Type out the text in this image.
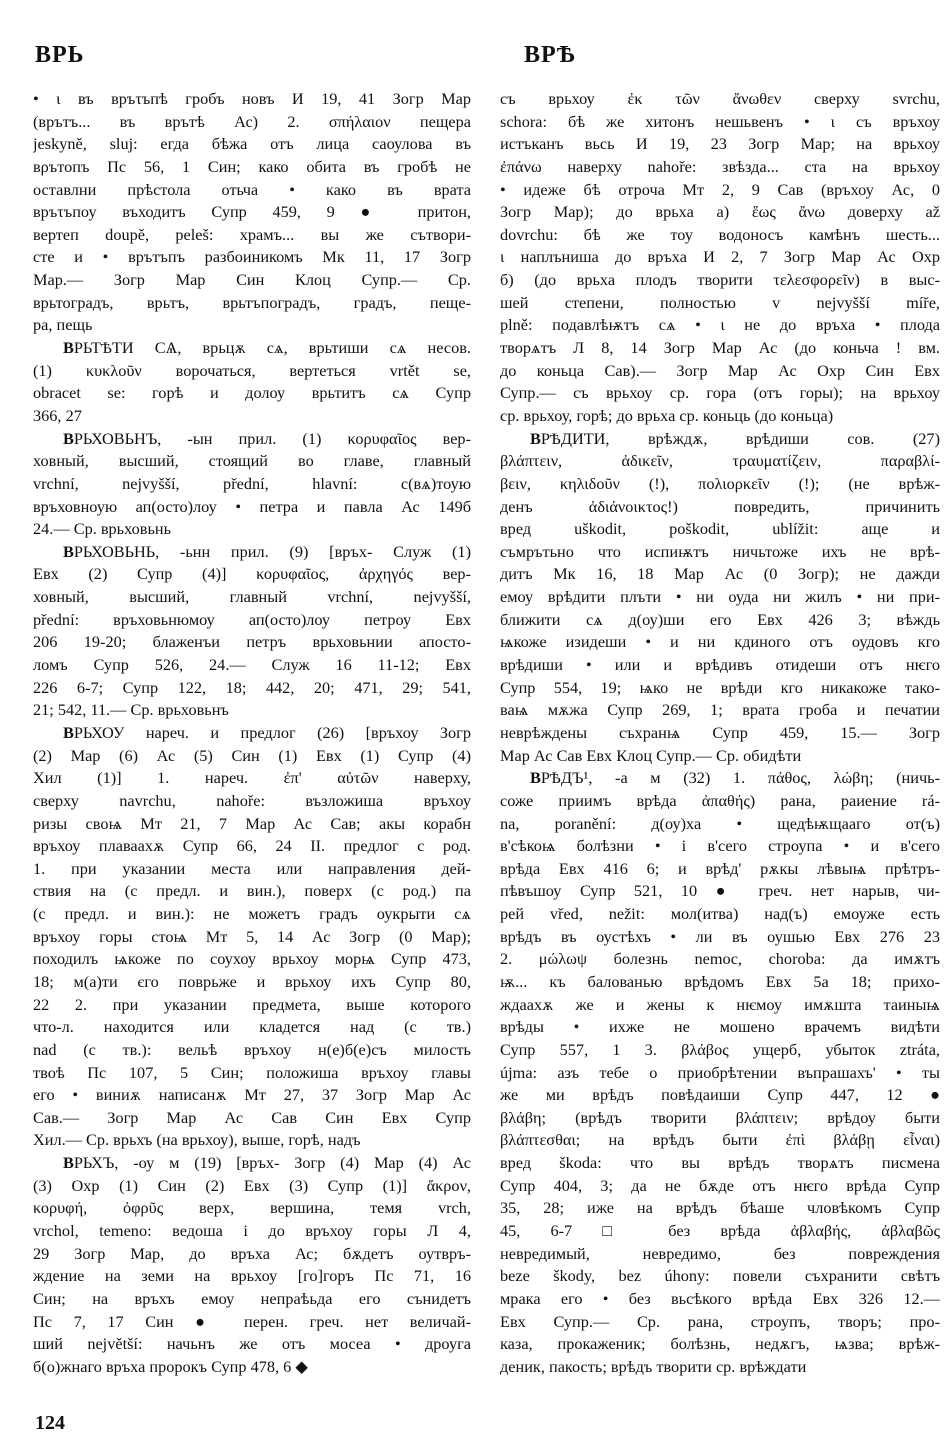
ВРЬ	ВРѢ
• ι въ връτъпѣ гробъ новъ И 19, 41 Зогр Мар
(врътъ... въ врътѣ Ас) 2. σπήλαιον пещера
jeskyně, sluj: егда бѣжа отъ лица саоулова въ
вρътопъ Пс 56, 1 Син; како обита въ гробѣ не
оставлни прѣстола отьча • како въ врата
връτъпоу въходитъ Супр 459, 9 ● притон,
вертеп doupě, peleš: храмъ... вы же сътвори-
сте и • врътъпъ разбоиникомъ Мк 11, 17 Зогр
Мар.— Зогр Мар Син Клоц Супр.— Ср.
врьтоградъ, врьтъ, врьтъпоградъ, градъ, пеще-
ра, пещь
ВРЬТѢТИ СѦ, врьцѫ сѧ, врьтиши сѧ несов.
(1) κυκλοῦν ворочаться, вертеться vrtět se,
obracet se: горѣ и долоу врьтитъ сѧ Супр
366, 27
ВРЬХОВЬНЪ, -ын прил. (1) κορυφαῖος вер-
ховный, высший, стоящий во главе, главный
vrchní, nejvyšší, přední, hlavní: с(вѧ)тоую
връховноую ап(осто)лоу • петра и павла Ас 149б
24.— Ср. врьховьнь
ВРЬХОВЬНЬ, -ьнн прил. (9) [връх- Служ (1)
Евх (2) Супр (4)] κορυφαῖος, ἀρχηγός вер-
ховный, высший, главный vrchní, nejvyšší,
přední: връховьнюмоу ап(осто)лоу петроу Евх
206 19-20; блаженъи петръ врьховьнии апосто-
ломъ Супр 526, 24.— Служ 16 11-12; Евх
226 6-7; Супр 122, 18; 442, 20; 471, 29; 541,
21; 542, 11.— Ср. врьховьнъ
ВРЬХОУ нареч. и предлог (26) [връхоу Зогр
(2) Мар (6) Ас (5) Син (1) Евх (1) Супр (4)
Хил (1)] 1. нареч. ἐπ' αὐτῶν наверху,
сверху navrchu, nahoře: възложиша връхоу
ризы своѩ Мт 21, 7 Мар Ас Сав; акы корабн
връхоу плаваахѫ Супр 66, 24 II. предлог с род.
1. при указании места или направления дей-
ствия на (с предл. и вин.), поверх (с род.) па
(с предл. и вин.): не можетъ градъ оукрыти сѧ
връхоу горы стоѩ Мт 5, 14 Ас Зогр (0 Мар);
походилъ ѩкоже по соухоу врьхоу морѩ Супр 473,
18; м(а)ти єго поврьже и врьхоу ихъ Супр 80,
22 2. при указании предмета, выше которого
что-л. находится или кладется над (с тв.)
nad (с тв.): вельѣ връхоу н(е)б(е)съ милость
твоѣ Пс 107, 5 Син; положиша връхоу главы
его • виниѫ написанѫ Мт 27, 37 Зогр Мар Ас
Сав.— Зогр Мар Ас Сав Син Евх Супр
Хил.— Ср. врьхъ (на врьхоу), выше, горѣ, надъ
ВРЬХЪ, -оу м (19) [връх- Зогр (4) Мар (4) Ас
(3) Охр (1) Син (2) Евх (3) Супр (1)] ἄκρον,
κορυφή, ὀφρῦς верх, вершина, темя vrch,
vrchol, temeno: ведоша і до връхоу горы Л 4,
29 Зогр Мар, до връха Ас; бѫдетъ оутвръ-
ждение на земи на врьхоу [го]горъ Пс 71, 16
Син; на връхъ емоу непраѣьда его сънидетъ
Пс 7, 17 Син ● перен. греч. нет величай-
ший největší: начьнъ же отъ мосеа • дроуга
б(о)жнаго връха пророкъ Супр 478, 6 ◆
съ врьхоу ἐκ τῶν ἄνωθεν сверху svrchu,
schora: бѣ же хитонъ нешьвенъ • ι съ връхоу
истъканъ вьсь И 19, 23 Зогр Мар; на врьхоу
ἐπάνω наверху nahoře: звѣзда... ста на врьхоу
• идеже бѣ отроча Мт 2, 9 Сав (връхоу Ас, 0
Зогр Мар); до врьха а) ἕως ἄνω доверху až
dovrchu: бѣ же тоу водоносъ камѣнъ шесть...
ι наплъниша до връха И 2, 7 Зогр Мар Ас Охр
б) (до врьха плодъ творити τελεσφορεῖν) в выс-
шей степени, полностью v nejvyšší míře,
plně: подавлѣѭтъ сѧ • ι не до връха • плода
творѧтъ Л 8, 14 Зогр Мар Ас (до коньча ! вм.
до коньца Сав).— Зогр Мар Ас Охр Син Евх
Супр.— съ врьхоу ср. гора (отъ горы); на врьхоу
ср. врьхоу, горѣ; до врьха ср. коньць (до коньца)
ВРѢДИТИ, врѣждѫ, врѣдиши сов. (27)
βλάπτειν, ἀδικεῖν, τραυματίζειν, παραβλί-
βειν, κηλιδοῦν (!), πολιορκεῖν (!); (не врѣж-
денъ ἀδιάνοικτος!) повредить, причинить
вред uškodit, poškodit, ublížit: аще и
съмрътьно что испиѭтъ ничьтоже ихъ не врѣ-
дитъ Мк 16, 18 Мар Ас (0 Зогр); не дажди
емоу врѣдити плъти • ни оуда ни жилъ • ни при-
ближити сѧ д(оу)ши его Евх 426 3; вѣждь
ѩкоже изидеши • и ни кдиного отъ оудовъ кго
врѣдиши • или и врѣдивъ отидеши отъ нѥго
Супр 554, 19; ѩко не врѣди кго никакоже тако-
ваѩ мѫжа Супр 269, 1; врата гроба и печатии
неврѣждены съхранѩ Супр 459, 15.— Зогр
Мар Ас Сав Евх Клоц Супр.— Ср. обидѣти
ВРѢДЪ¹, -а м (32) 1. πάθος, λώβη; (ничь-
соже приимъ врѣда ἀπαθής) рана, раиение rá-
na, poranění: д(оу)ха • щедѣѭщааго от(ъ)
в'сѣкоѩ болѣзни • і в'сего строупа • и в'сего
врѣда Евх 416 6; и врѣд' рѫкы лѣвыѩ прѣтръ-
пѣвъшоу Супр 521, 10 ● греч. нет нарыв, чи-
рей vřed, nežit: мол(итва) над(ъ) емоуже есть
врѣдъ въ оустѣхъ • ли въ оушью Евх 276 23
2. μώλωψ болезнь nemoc, choroba: да имѫтъ
ѭ... къ балованью врѣдомъ Евх 5а 18; прихо-
ждаахѫ же и жены к нѥмоу имѫшта таиныѩ
врѣды • ихже не мошено врачемъ видѣти
Супр 557, 1 3. βλάβος ущерб, убыток ztráta,
újma: азъ тебе о приобрѣтении въпрашахъ' • ты
же ми врѣдъ повѣдаиши Супр 447, 12 ●
βλάβη; (врѣдъ творити βλάπτειν; врѣдоу быти
βλάπτεσθαι; на врѣдъ быти ἐπὶ βλάβῃ εἶναι)
вред škoda: что вы врѣдъ творѧтъ писмена
Супр 404, 3; да не бѫде отъ нѥго врѣда Супр
35, 28; иже на врѣдъ бѣаше чловѣкомъ Супр
45, 6-7 □ без врѣда ἀβλαβής, ἀβλαβῶς
невредимый, невредимо, без повреждения
beze škody, bez úhony: повели съхранити свѣтъ
мрака его • без вьсѣкого врѣда Евх 326 12.—
Евх Супр.— Ср. рана, строупъ, творъ; про-
каза, прокаженик; болѣзнь, недѫгъ, ѩзва; врѣж-
деник, пакость; врѣдъ творити ср. врѣждати
124
